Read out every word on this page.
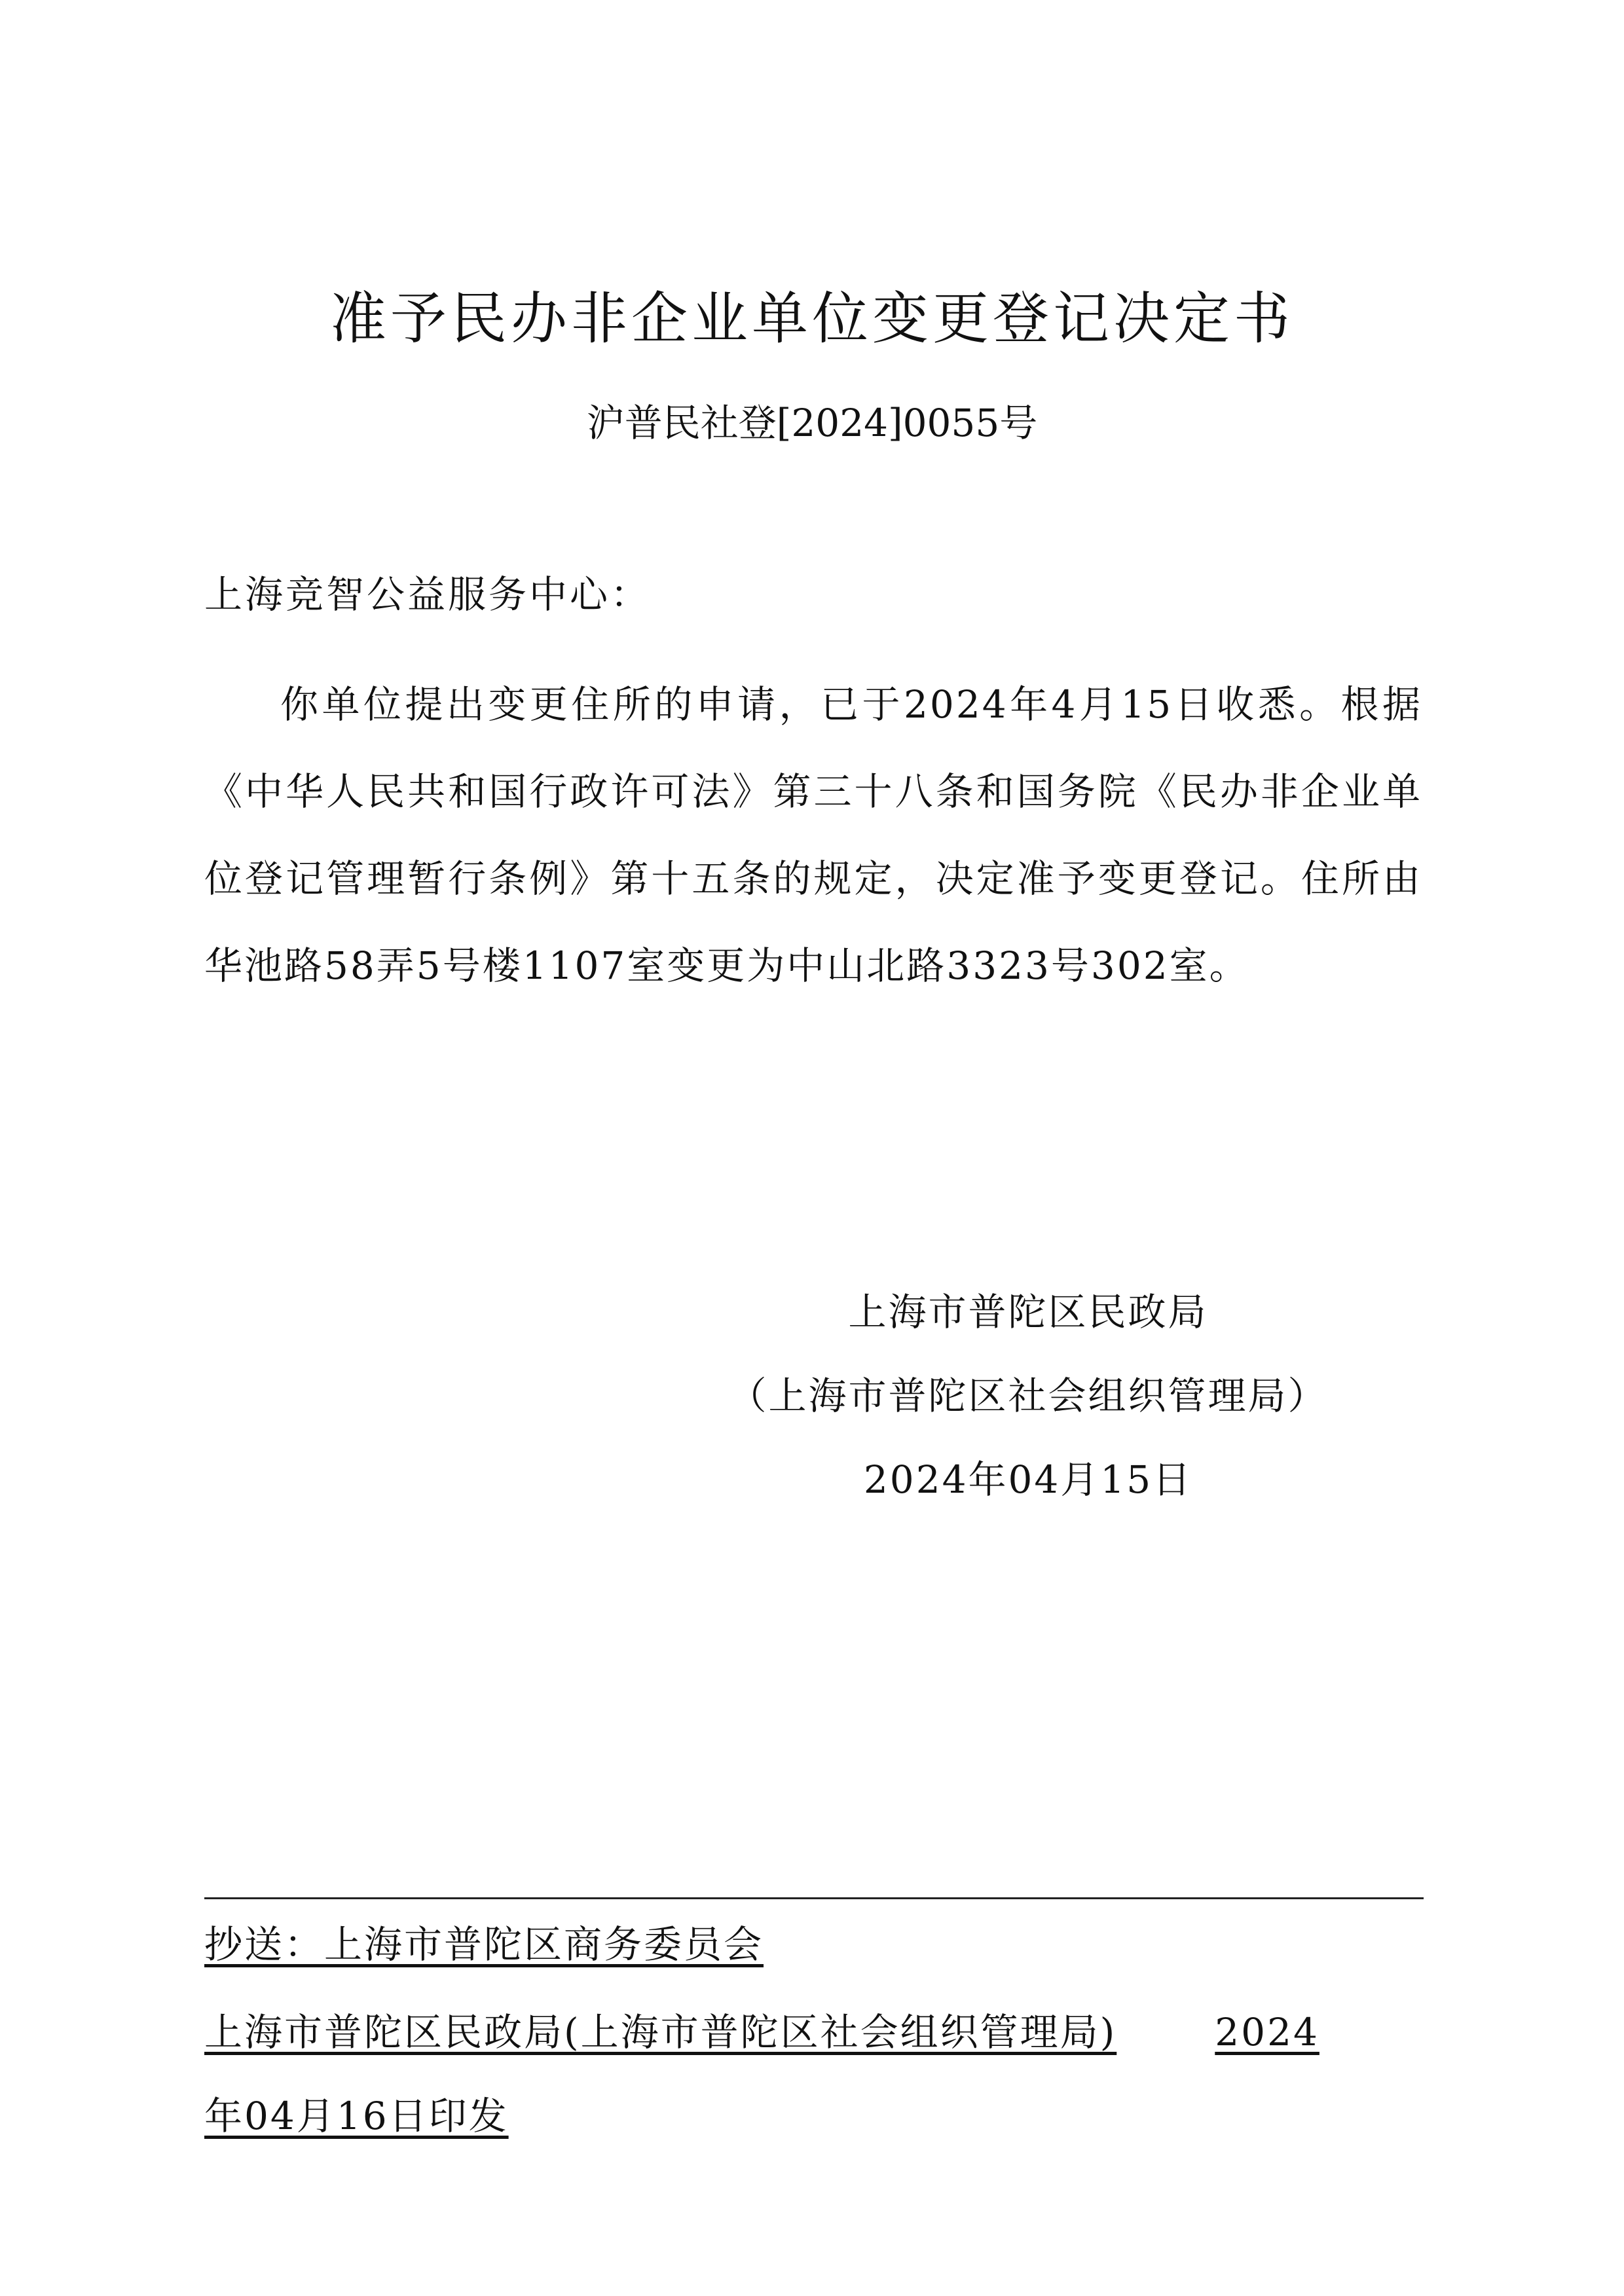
准予民办非企业单位变更登记决定书
沪普民社登[2024]0055号
上海竞智公益服务中心：

你单位提出变更住所的申请，已于2024年4月15日收悉。根据《中华人民共和国行政许可法》第三十八条和国务院《民办非企业单位登记管理暂行条例》第十五条的规定，决定准予变更登记。住所由华池路58弄5号楼1107室变更为中山北路3323号302室。

上海市普陀区民政局
（上海市普陀区社会组织管理局）
2024年04月15日
抄送：上海市普陀区商务委员会
上海市普陀区民政局(上海市普陀区社会组织管理局)	2024
年04月16日印发
